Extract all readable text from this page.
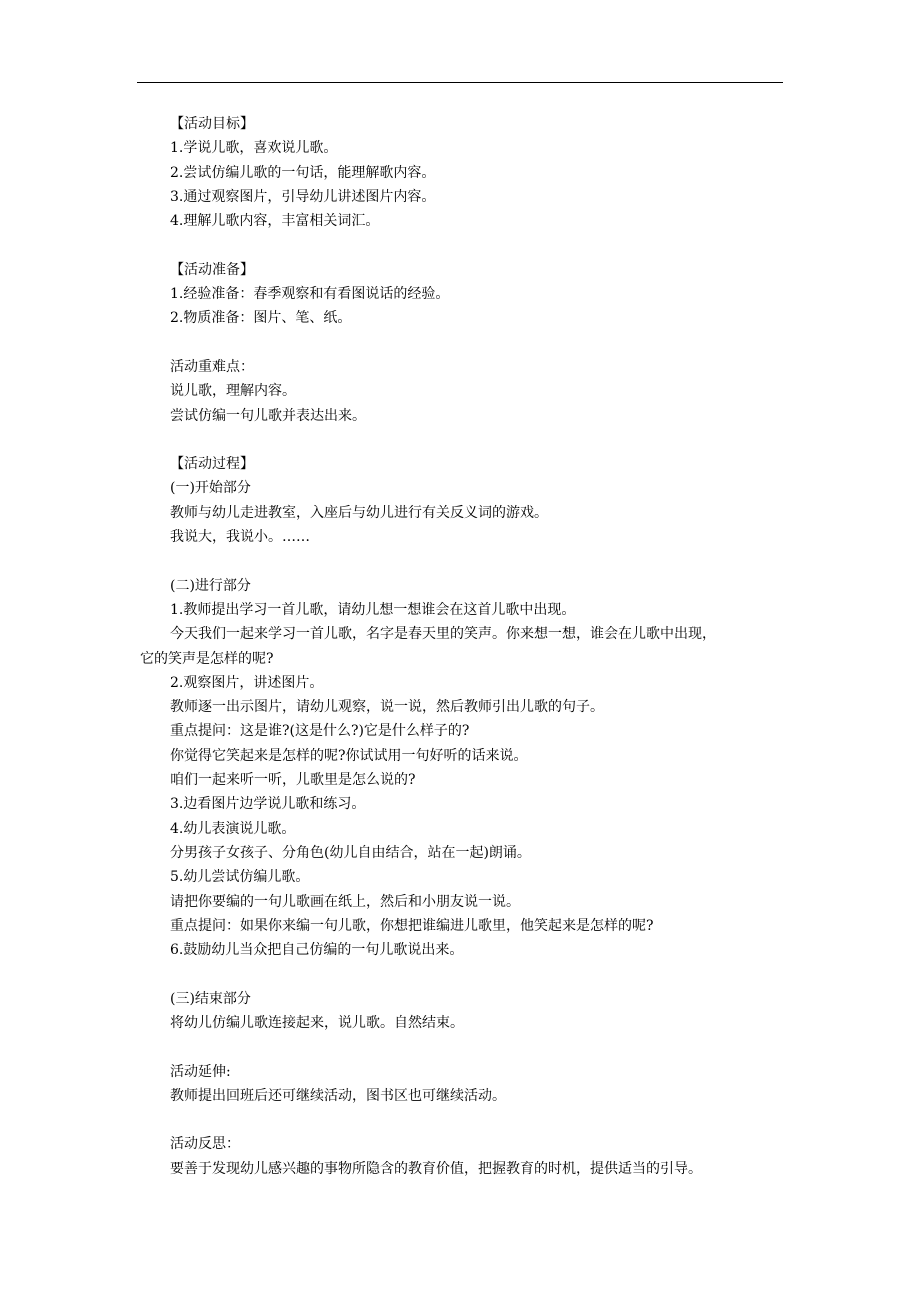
【活动目标】
1.学说儿歌，喜欢说儿歌。
2.尝试仿编儿歌的一句话，能理解歌内容。
3.通过观察图片，引导幼儿讲述图片内容。
4.理解儿歌内容，丰富相关词汇。
【活动准备】
1.经验准备：春季观察和有看图说话的经验。
2.物质准备：图片、笔、纸。
活动重难点：
说儿歌，理解内容。
尝试仿编一句儿歌并表达出来。
【活动过程】
(一)开始部分
教师与幼儿走进教室，入座后与幼儿进行有关反义词的游戏。
我说大，我说小。……
(二)进行部分
1.教师提出学习一首儿歌，请幼儿想一想谁会在这首儿歌中出现。
今天我们一起来学习一首儿歌，名字是春天里的笑声。你来想一想，谁会在儿歌中出现，
它的笑声是怎样的呢?
2.观察图片，讲述图片。
教师逐一出示图片，请幼儿观察，说一说，然后教师引出儿歌的句子。
重点提问：这是谁?(这是什么?)它是什么样子的?
你觉得它笑起来是怎样的呢?你试试用一句好听的话来说。
咱们一起来听一听，儿歌里是怎么说的?
3.边看图片边学说儿歌和练习。
4.幼儿表演说儿歌。
分男孩子女孩子、分角色(幼儿自由结合，站在一起)朗诵。
5.幼儿尝试仿编儿歌。
请把你要编的一句儿歌画在纸上，然后和小朋友说一说。
重点提问：如果你来编一句儿歌，你想把谁编进儿歌里，他笑起来是怎样的呢?
6.鼓励幼儿当众把自己仿编的一句儿歌说出来。
(三)结束部分
将幼儿仿编儿歌连接起来，说儿歌。自然结束。
活动延伸:
教师提出回班后还可继续活动，图书区也可继续活动。
活动反思：
要善于发现幼儿感兴趣的事物所隐含的教育价值，把握教育的时机，提供适当的引导。
